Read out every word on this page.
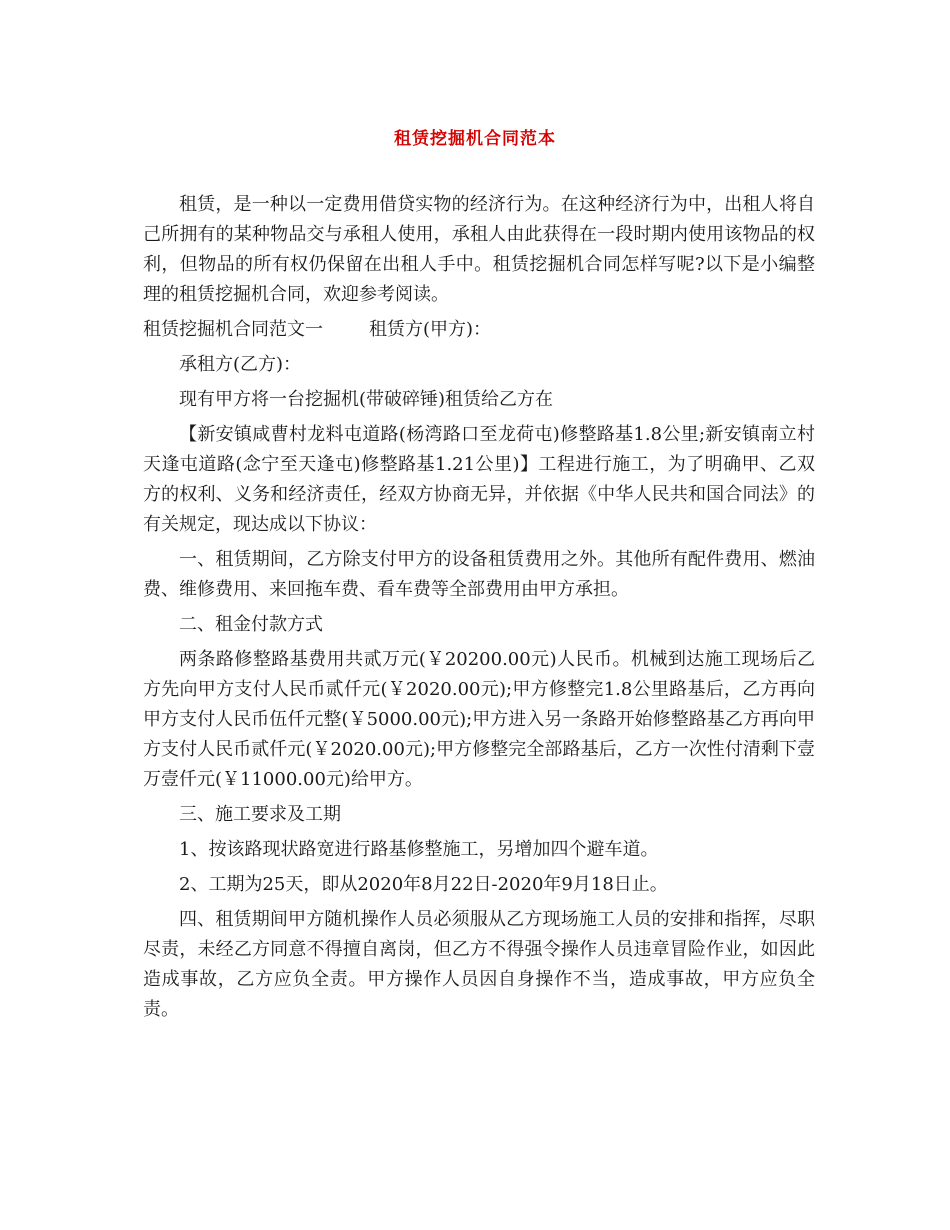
租赁挖掘机合同范本

租赁，是一种以一定费用借贷实物的经济行为。在这种经济行为中，出租人将自己所拥有的某种物品交与承租人使用，承租人由此获得在一段时期内使用该物品的权利，但物品的所有权仍保留在出租人手中。租赁挖掘机合同怎样写呢?以下是小编整理的租赁挖掘机合同，欢迎参考阅读。

租赁挖掘机合同范文一	租赁方(甲方)：

承租方(乙方)：

现有甲方将一台挖掘机(带破碎锤)租赁给乙方在

【新安镇咸曹村龙料屯道路(杨湾路口至龙荷屯)修整路基1.8公里;新安镇南立村天逢屯道路(念宁至天逢屯)修整路基1.21公里)】工程进行施工，为了明确甲、乙双方的权利、义务和经济责任，经双方协商无异，并依据《中华人民共和国合同法》的有关规定，现达成以下协议：

一、租赁期间，乙方除支付甲方的设备租赁费用之外。其他所有配件费用、燃油费、维修费用、来回拖车费、看车费等全部费用由甲方承担。

二、租金付款方式

两条路修整路基费用共贰万元(￥20200.00元)人民币。机械到达施工现场后乙方先向甲方支付人民币贰仟元(￥2020.00元);甲方修整完1.8公里路基后，乙方再向甲方支付人民币伍仟元整(￥5000.00元);甲方进入另一条路开始修整路基乙方再向甲方支付人民币贰仟元(￥2020.00元);甲方修整完全部路基后，乙方一次性付清剩下壹万壹仟元(￥11000.00元)给甲方。

三、施工要求及工期

1、按该路现状路宽进行路基修整施工，另增加四个避车道。

2、工期为25天，即从2020年8月22日-2020年9月18日止。

四、租赁期间甲方随机操作人员必须服从乙方现场施工人员的安排和指挥，尽职尽责，未经乙方同意不得擅自离岗，但乙方不得强令操作人员违章冒险作业，如因此造成事故，乙方应负全责。甲方操作人员因自身操作不当，造成事故，甲方应负全责。
